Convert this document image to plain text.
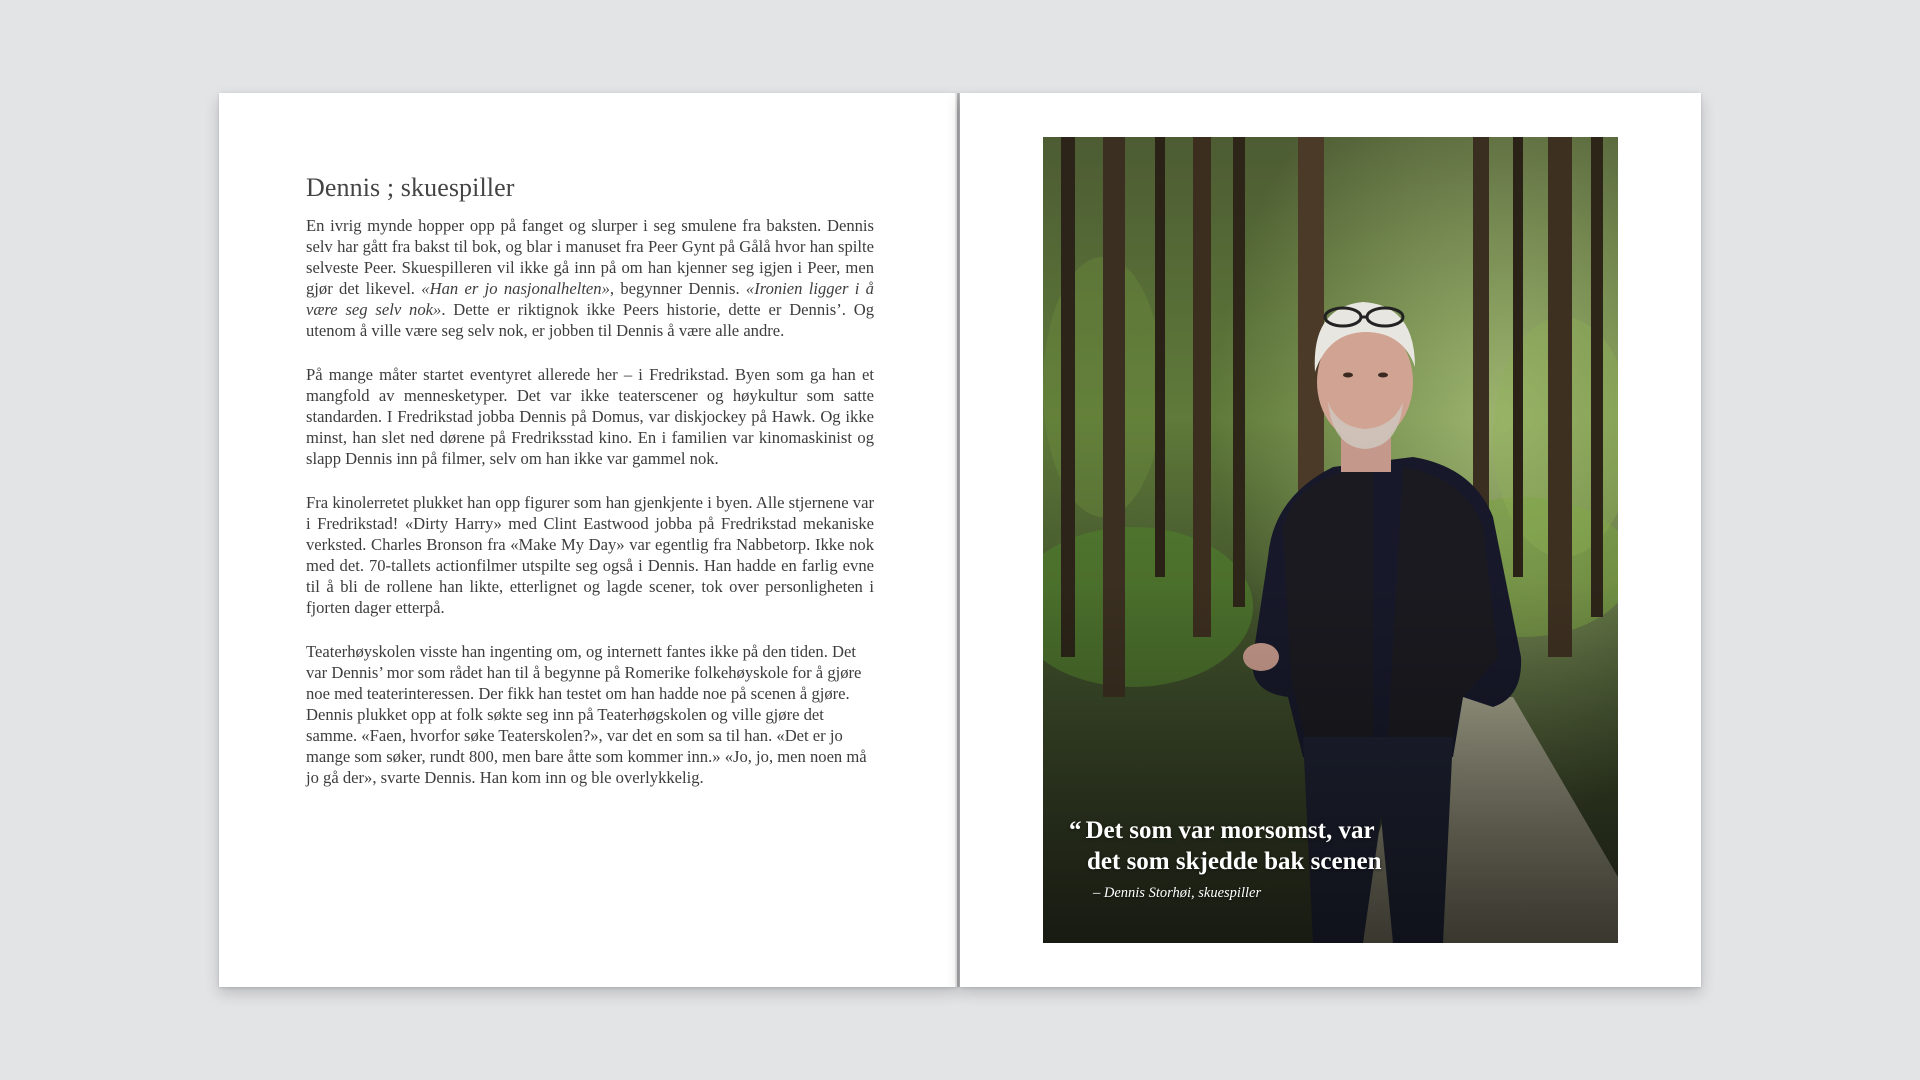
Dennis ; skuespiller

En ivrig mynde hopper opp på fanget og slurper i seg smulene fra baksten. Dennis selv har gått fra bakst til bok, og blar i manuset fra Peer Gynt på Gålå hvor han spilte selveste Peer. Skuespilleren vil ikke gå inn på om han kjenner seg igjen i Peer, men gjør det likevel. «Han er jo nasjonalhelten», begynner Dennis. «Ironien ligger i å være seg selv nok». Dette er riktignok ikke Peers historie, dette er Dennis’. Og utenom å ville være seg selv nok, er jobben til Dennis å være alle andre.

På mange måter startet eventyret allerede her – i Fredrikstad. Byen som ga han et mangfold av mennesketyper. Det var ikke teaterscener og høykultur som satte standarden. I Fredrikstad jobba Dennis på Domus, var diskjockey på Hawk. Og ikke minst, han slet ned dørene på Fredriksstad kino. En i familien var kinomaskinist og slapp Dennis inn på filmer, selv om han ikke var gammel nok.

Fra kinolerretet plukket han opp figurer som han gjenkjente i byen. Alle stjernene var i Fredrikstad! «Dirty Harry» med Clint Eastwood jobba på Fredrikstad mekaniske verksted. Charles Bronson fra «Make My Day» var egentlig fra Nabbetorp. Ikke nok med det. 70-tallets actionfilmer utspilte seg også i Dennis. Han hadde en farlig evne til å bli de rollene han likte, etterlignet og lagde scener, tok over personligheten i fjorten dager etterpå.

Teaterhøyskolen visste han ingenting om, og internett fantes ikke på den tiden. Det var Dennis’ mor som rådet han til å begynne på Romerike folkehøyskole for å gjøre noe med teaterinteressen. Der fikk han testet om han hadde noe på scenen å gjøre. Dennis plukket opp at folk søkte seg inn på Teaterhøgskolen og ville gjøre det samme. «Faen, hvorfor søke Teaterskolen?», var det en som sa til han. «Det er jo mange som søker, rundt 800, men bare åtte som kommer inn.» «Jo, jo, men noen må jo gå der», svarte Dennis. Han kom inn og ble overlykkelig.

“ Det som var morsomst, var
det som skjedde bak scenen
– Dennis Storhøi, skuespiller
